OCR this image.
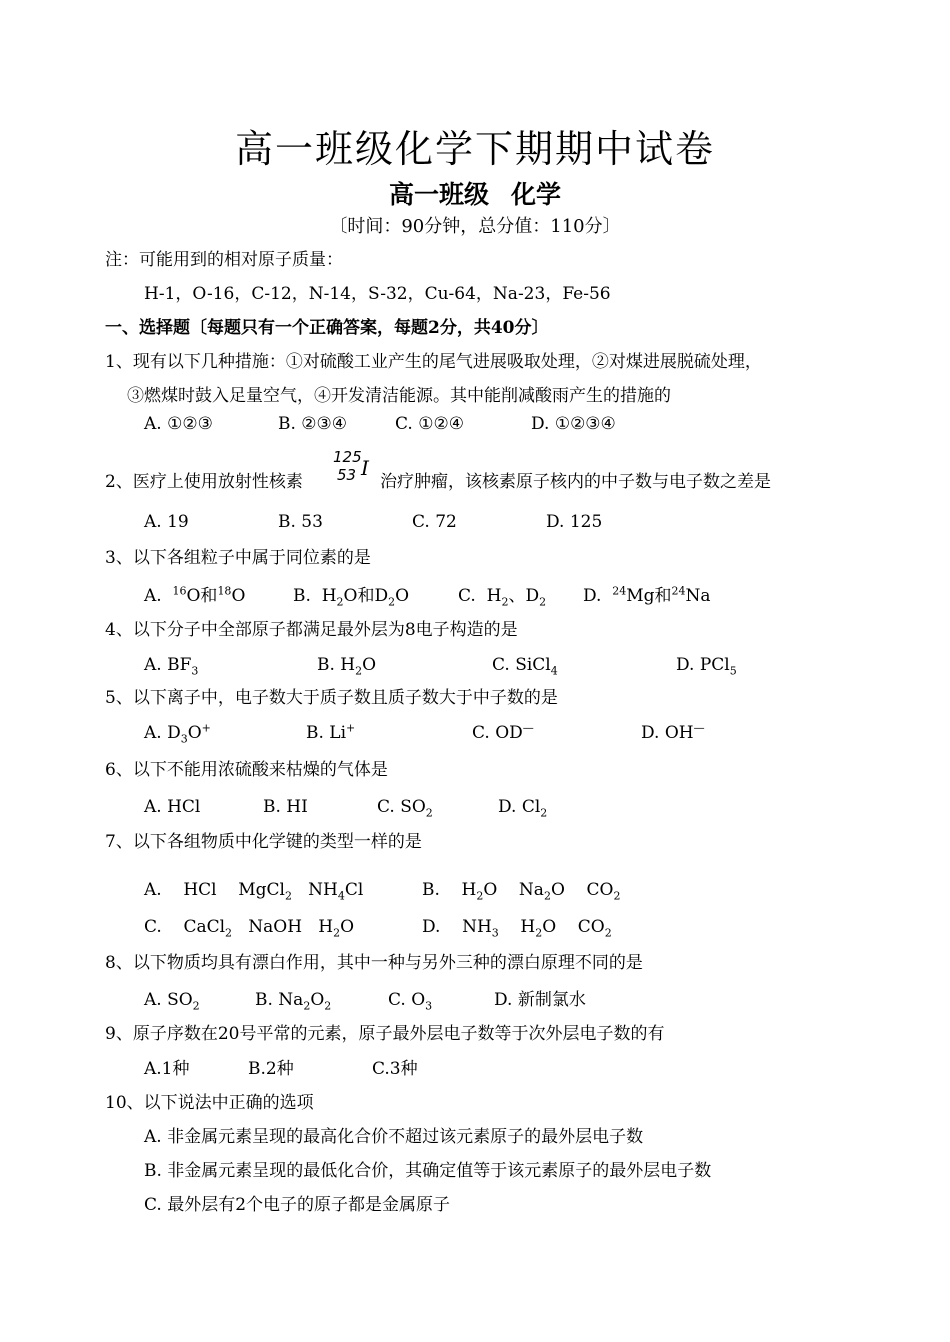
高一班级化学下期期中试卷
高一班级 化学
〔时间：90分钟，总分值：110分〕
注：可能用到的相对原子质量：
H-1，O-16，C-12，N-14，S-32，Cu-64，Na-23，Fe-56
一、选择题〔每题只有一个正确答案，每题2分，共40分〕
1、现有以下几种措施：①对硫酸工业产生的尾气进展吸取处理，②对煤进展脱硫处理，
③燃煤时鼓入足量空气，④开发清洁能源。其中能削减酸雨产生的措施的
A. ①②③	B. ②③④	C. ①②④	D. ①②③④
2、医疗上使用放射性核素
125
53 I
治疗肿瘤，该核素原子核内的中子数与电子数之差是
A. 19	B. 53	C. 72	D. 125
3、以下各组粒子中属于同位素的是
A. $^{16}$O和$^{18}$O	B. $H_2O$和$D_2O$	C. $H_2$、$D_2$ D. $^{24}$Mg和$^{24}$Na
4、以下分子中全部原子都满足最外层为8电子构造的是
A. $BF_3$	B. $H_2O$	C. SiCl$_4$	D. PCl$_5$
5、以下离子中，电子数大于质子数且质子数大于中子数的是
A. $D_3O^+$	B. Li+	C. OD—	D. OH—
6、以下不能用浓硫酸来枯燥的气体是
A. HCl	B. HI	C. $SO_2$	D. $Cl_2$
7、以下各组物质中化学键的类型一样的是
A. HCl MgCl$_2$ $NH_4Cl$	B. $H_2O$ $Na_2O$ $CO_2$
C. CaCl$_2$ NaOH $H_2O$	D. $NH_3$ $H_2O$ $CO_2$
8、以下物质均具有漂白作用，其中一种与另外三种的漂白原理不同的是
A. $SO_2$	B. $Na_2O_2$	C. $O_3$	D. 新制氯水
9、原子序数在20号平常的元素，原子最外层电子数等于次外层电子数的有
A.1种	B.2种	C.3种
10、以下说法中正确的选项
A. 非金属元素呈现的最高化合价不超过该元素原子的最外层电子数
B. 非金属元素呈现的最低化合价，其确定值等于该元素原子的最外层电子数
C. 最外层有2个电子的原子都是金属原子
